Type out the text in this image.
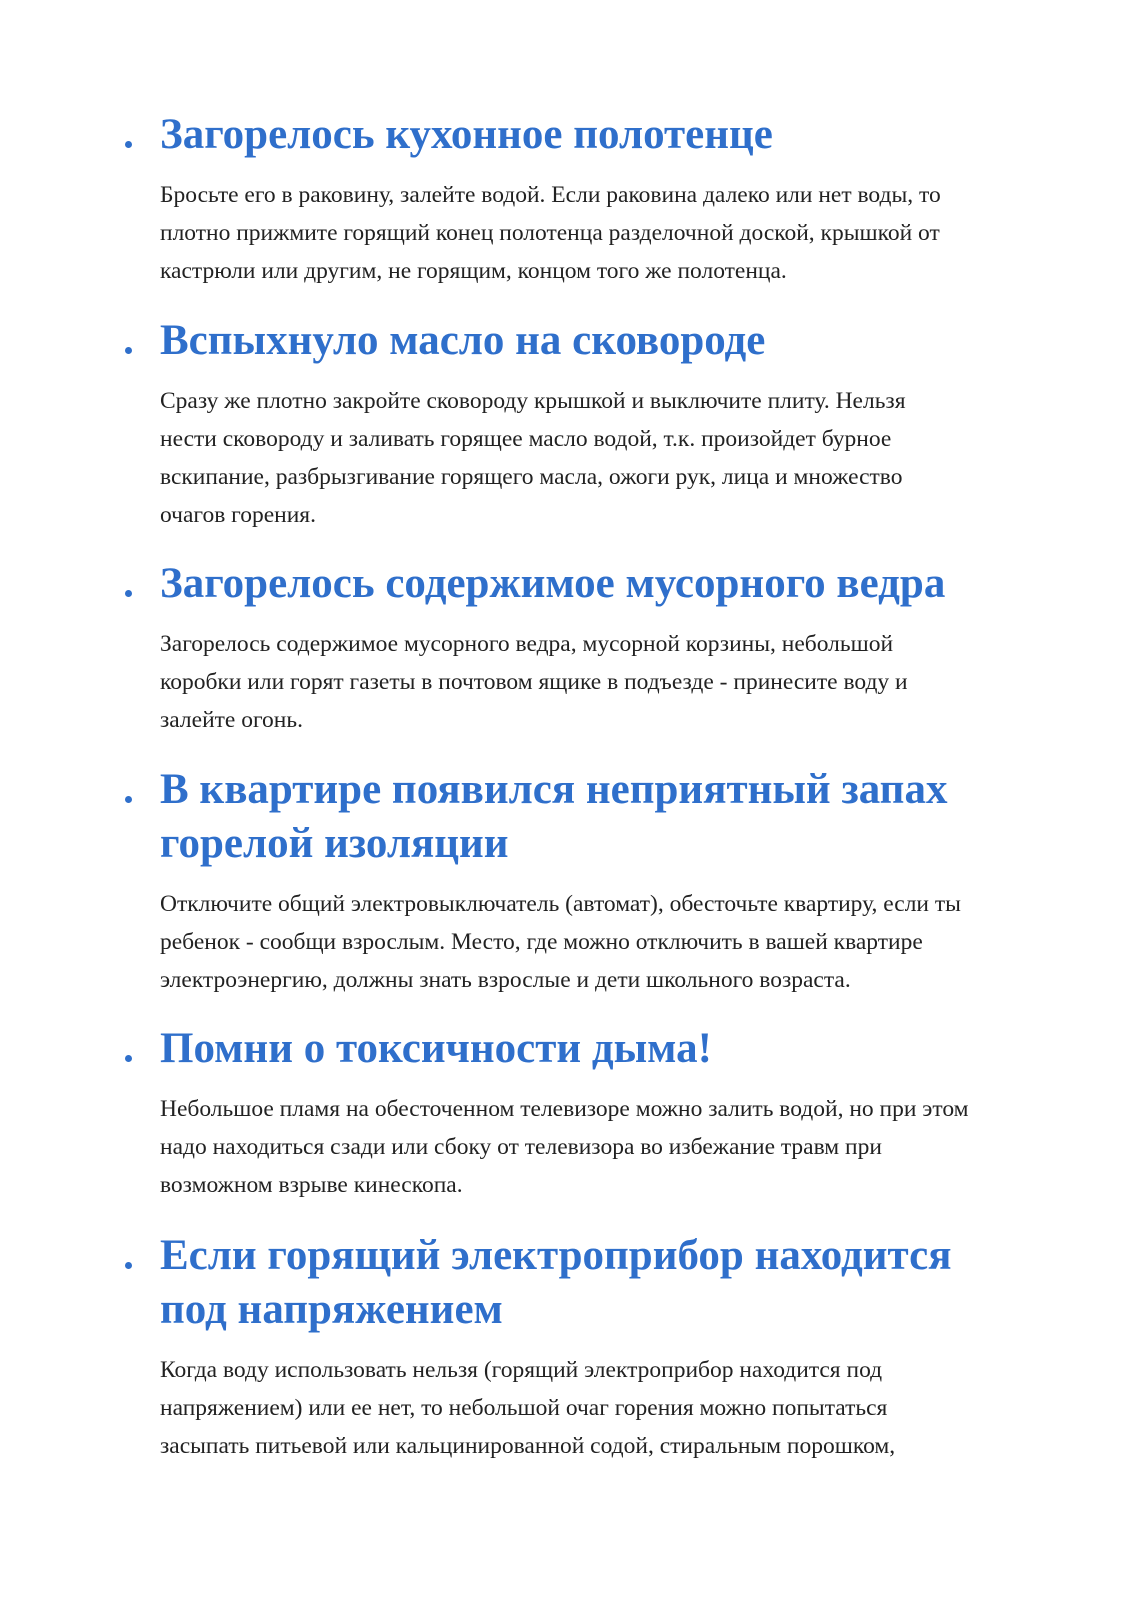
Загорелось кухонное полотенце

Бросьте его в раковину, залейте водой. Если раковина далеко или нет воды, то
плотно прижмите горящий конец полотенца разделочной доской, крышкой от
кастрюли или другим, не горящим, концом того же полотенца.

Вспыхнуло масло на сковороде

Сразу же плотно закройте сковороду крышкой и выключите плиту. Нельзя
нести сковороду и заливать горящее масло водой, т.к. произойдет бурное
вскипание, разбрызгивание горящего масла, ожоги рук, лица и множество
очагов горения.

Загорелось содержимое мусорного ведра

Загорелось содержимое мусорного ведра, мусорной корзины, небольшой
коробки или горят газеты в почтовом ящике в подъезде - принесите воду и
залейте огонь.

В квартире появился неприятный запах
горелой изоляции

Отключите общий электровыключатель (автомат), обесточьте квартиру, если ты
ребенок - сообщи взрослым. Место, где можно отключить в вашей квартире
электроэнергию, должны знать взрослые и дети школьного возраста.

Помни о токсичности дыма!

Небольшое пламя на обесточенном телевизоре можно залить водой, но при этом
надо находиться сзади или сбоку от телевизора во избежание травм при
возможном взрыве кинескопа.

Если горящий электроприбор находится
под напряжением

Когда воду использовать нельзя (горящий электроприбор находится под
напряжением) или ее нет, то небольшой очаг горения можно попытаться
засыпать питьевой или кальцинированной содой, стиральным порошком,
